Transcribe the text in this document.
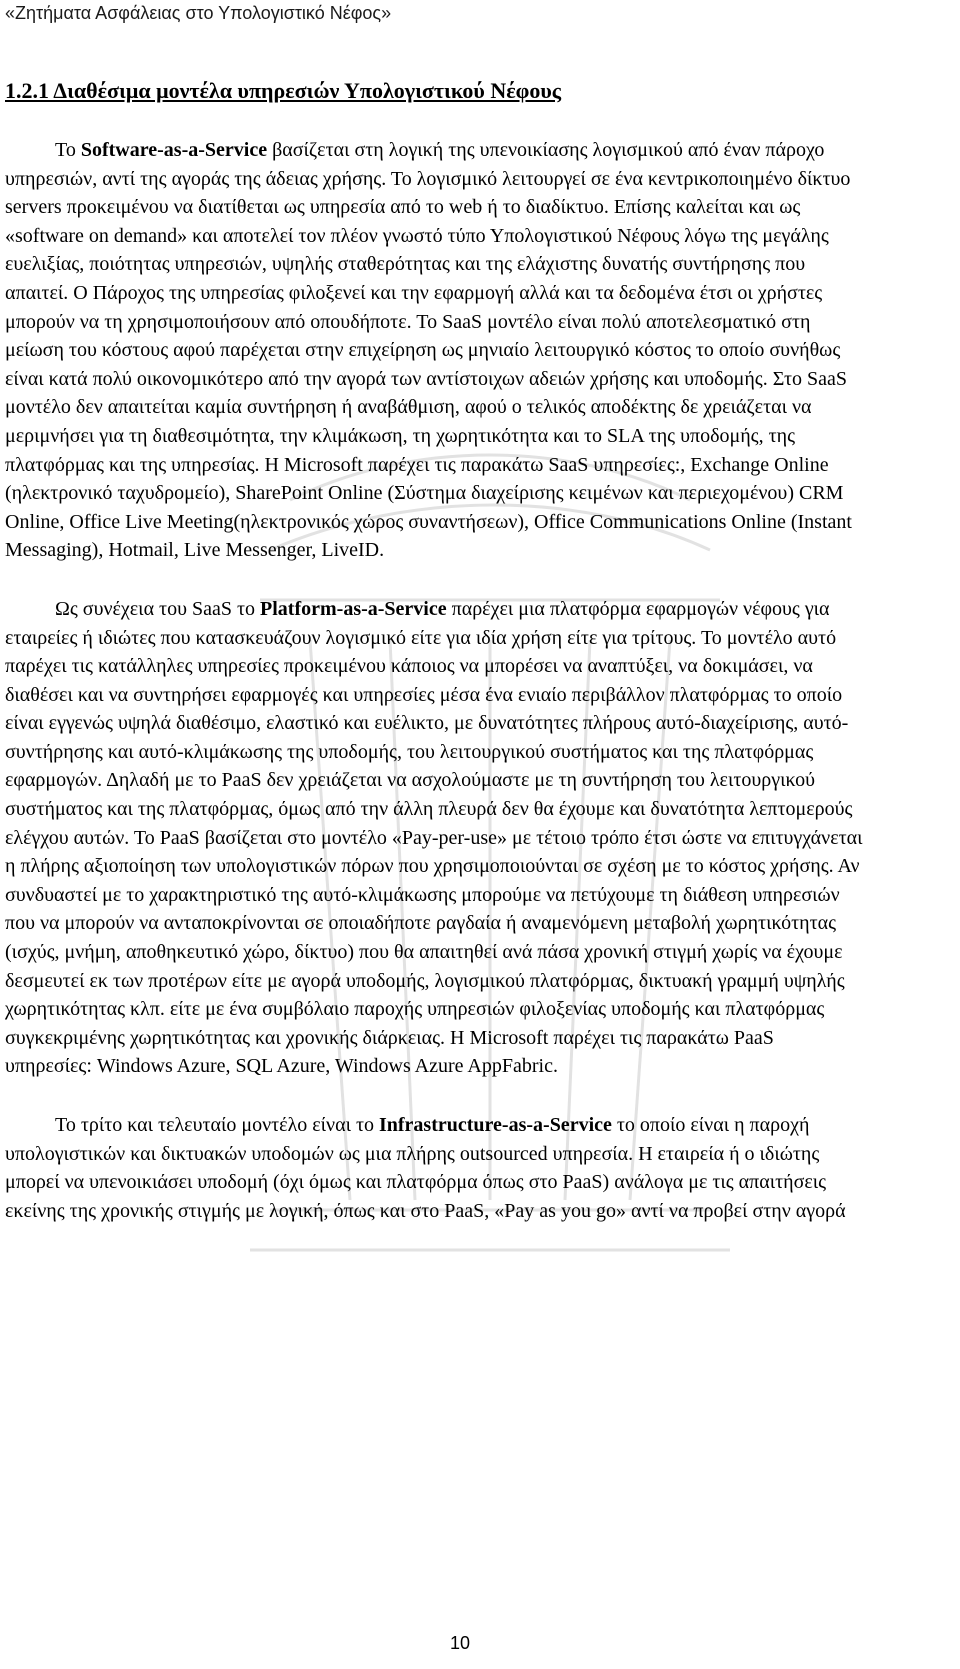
«Ζητήματα Ασφάλειας στο Υπολογιστικό Νέφος»
1.2.1 Διαθέσιμα μοντέλα υπηρεσιών Υπολογιστικού Νέφους

Το Software-as-a-Service βασίζεται στη λογική της υπενοικίασης λογισμικού από έναν πάροχο υπηρεσιών, αντί της αγοράς της άδειας χρήσης. Το λογισμικό λειτουργεί σε ένα κεντρικοποιημένο δίκτυο servers προκειμένου να διατίθεται ως υπηρεσία από το web ή το διαδίκτυο. Επίσης καλείται και ως «software on demand» και αποτελεί τον πλέον γνωστό τύπο Υπολογιστικού Νέφους λόγω της μεγάλης ευελιξίας, ποιότητας υπηρεσιών, υψηλής σταθερότητας και της ελάχιστης δυνατής συντήρησης που απαιτεί. Ο Πάροχος της υπηρεσίας φιλοξενεί και την εφαρμογή αλλά και τα δεδομένα έτσι οι χρήστες μπορούν να τη χρησιμοποιήσουν από οπουδήποτε. Το SaaS μοντέλο είναι πολύ αποτελεσματικό στη μείωση του κόστους αφού παρέχεται στην επιχείρηση ως μηνιαίο λειτουργικό κόστος το οποίο συνήθως είναι κατά πολύ οικονομικότερο από την αγορά των αντίστοιχων αδειών χρήσης και υποδομής. Στο SaaS μοντέλο δεν απαιτείται καμία συντήρηση ή αναβάθμιση, αφού ο τελικός αποδέκτης δε χρειάζεται να μεριμνήσει για τη διαθεσιμότητα, την κλιμάκωση, τη χωρητικότητα και το SLA της υποδομής, της πλατφόρμας και της υπηρεσίας. Η Microsoft παρέχει τις παρακάτω SaaS υπηρεσίες:, Exchange Online (ηλεκτρονικό ταχυδρομείο), SharePoint Online (Σύστημα διαχείρισης κειμένων και περιεχομένου) CRM Online, Office Live Meeting(ηλεκτρονικός χώρος συναντήσεων), Office Communications Online (Instant Messaging), Hotmail, Live Messenger, LiveID.

Ως συνέχεια του SaaS το Platform-as-a-Service παρέχει μια πλατφόρμα εφαρμογών νέφους για εταιρείες ή ιδιώτες που κατασκευάζουν λογισμικό είτε για ιδία χρήση είτε για τρίτους. Το μοντέλο αυτό παρέχει τις κατάλληλες υπηρεσίες προκειμένου κάποιος να μπορέσει να αναπτύξει, να δοκιμάσει, να διαθέσει και να συντηρήσει εφαρμογές και υπηρεσίες μέσα ένα ενιαίο περιβάλλον πλατφόρμας το οποίο είναι εγγενώς υψηλά διαθέσιμο, ελαστικό και ευέλικτο, με δυνατότητες πλήρους αυτό-διαχείρισης, αυτό-συντήρησης και αυτό-κλιμάκωσης της υποδομής, του λειτουργικού συστήματος και της πλατφόρμας εφαρμογών. Δηλαδή με το PaaS δεν χρειάζεται να ασχολούμαστε με τη συντήρηση του λειτουργικού συστήματος και της πλατφόρμας, όμως από την άλλη πλευρά δεν θα έχουμε και δυνατότητα λεπτομερούς ελέγχου αυτών. Το PaaS βασίζεται στο μοντέλο «Pay-per-use» με τέτοιο τρόπο έτσι ώστε να επιτυγχάνεται η πλήρης αξιοποίηση των υπολογιστικών πόρων που χρησιμοποιούνται σε σχέση με το κόστος χρήσης. Αν συνδυαστεί με το χαρακτηριστικό της αυτό-κλιμάκωσης μπορούμε να πετύχουμε τη διάθεση υπηρεσιών που να μπορούν να ανταποκρίνονται σε οποιαδήποτε ραγδαία ή αναμενόμενη μεταβολή χωρητικότητας (ισχύς, μνήμη, αποθηκευτικό χώρο, δίκτυο) που θα απαιτηθεί ανά πάσα χρονική στιγμή χωρίς να έχουμε δεσμευτεί εκ των προτέρων είτε με αγορά υποδομής, λογισμικού πλατφόρμας, δικτυακή γραμμή υψηλής χωρητικότητας κλπ. είτε με ένα συμβόλαιο παροχής υπηρεσιών φιλοξενίας υποδομής και πλατφόρμας συγκεκριμένης χωρητικότητας και χρονικής διάρκειας. Η Microsoft παρέχει τις παρακάτω PaaS υπηρεσίες: Windows Azure, SQL Azure, Windows Azure AppFabric.

Το τρίτο και τελευταίο μοντέλο είναι το Infrastructure-as-a-Service το οποίο είναι η παροχή υπολογιστικών και δικτυακών υποδομών ως μια πλήρης outsourced υπηρεσία. Η εταιρεία ή ο ιδιώτης μπορεί να υπενοικιάσει υποδομή (όχι όμως και πλατφόρμα όπως στο PaaS) ανάλογα με τις απαιτήσεις εκείνης της χρονικής στιγμής με λογική, όπως και στο PaaS, «Pay as you go» αντί να προβεί στην αγορά

10
